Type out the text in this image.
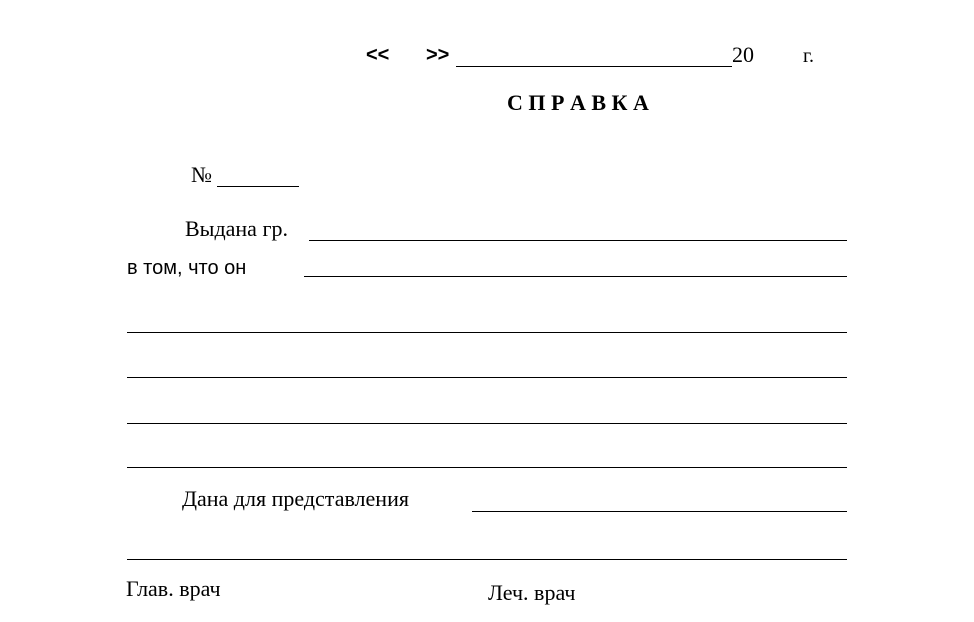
<< >>	20 г.
С П Р А В К А
№
Выдана гр.
в том, что он
Дана для представления
Глав. врач	Леч. врач
